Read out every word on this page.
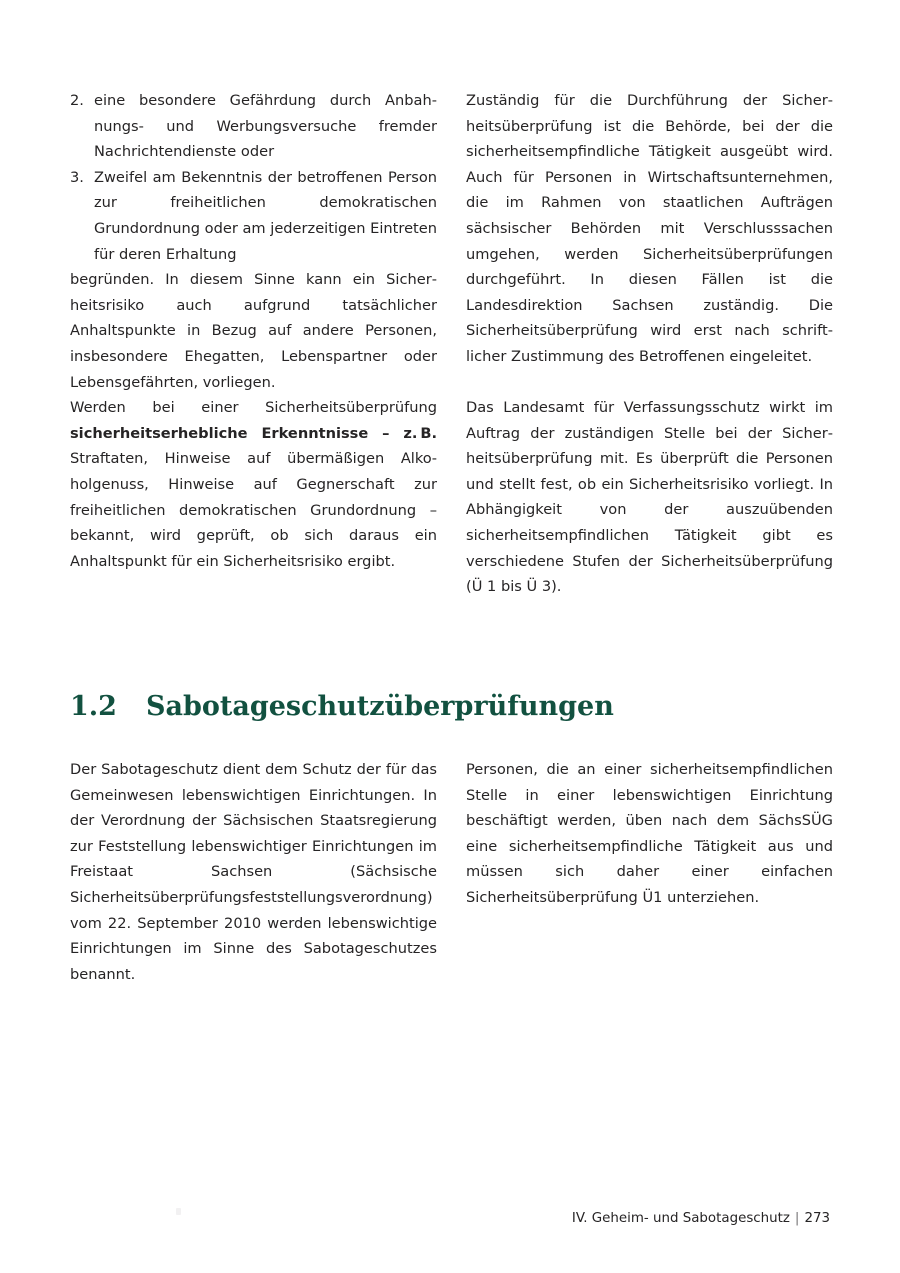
2. eine besondere Gefährdung durch Anbahnungs- und Werbungsversuche fremder Nachrichtendienste oder
3. Zweifel am Bekenntnis der betroffenen Person zur freiheitlichen demokratischen Grundordnung oder am jederzeitigen Eintreten für deren Erhaltung

begründen. In diesem Sinne kann ein Sicherheitsrisiko auch aufgrund tatsächlicher Anhaltspunkte in Bezug auf andere Personen, insbesondere Ehegatten, Lebenspartner oder Lebensgefährten, vorliegen.

Werden bei einer Sicherheitsüberprüfung sicherheitserhebliche Erkenntnisse – z. B. Straftaten, Hinweise auf übermäßigen Alkoholgenuss, Hinweise auf Gegnerschaft zur freiheitlichen demokratischen Grundordnung – bekannt, wird geprüft, ob sich daraus ein Anhaltspunkt für ein Sicherheitsrisiko ergibt.

Zuständig für die Durchführung der Sicherheitsüberprüfung ist die Behörde, bei der die sicherheitsempfindliche Tätigkeit ausgeübt wird. Auch für Personen in Wirtschaftsunternehmen, die im Rahmen von staatlichen Aufträgen sächsischer Behörden mit Verschlusssachen umgehen, werden Sicherheitsüberprüfungen durchgeführt. In diesen Fällen ist die Landesdirektion Sachsen zuständig. Die Sicherheitsüberprüfung wird erst nach schriftlicher Zustimmung des Betroffenen eingeleitet.

Das Landesamt für Verfassungsschutz wirkt im Auftrag der zuständigen Stelle bei der Sicherheitsüberprüfung mit. Es überprüft die Personen und stellt fest, ob ein Sicherheitsrisiko vorliegt. In Abhängigkeit von der auszuübenden sicherheitsempfindlichen Tätigkeit gibt es verschiedene Stufen der Sicherheitsüberprüfung (Ü 1 bis Ü 3).

1.2 Sabotageschutzüberprüfungen

Der Sabotageschutz dient dem Schutz der für das Gemeinwesen lebenswichtigen Einrichtungen. In der Verordnung der Sächsischen Staatsregierung zur Feststellung lebenswichtiger Einrichtungen im Freistaat Sachsen (Sächsische Sicherheitsüberprüfungsfeststellungsverordnung) vom 22. September 2010 werden lebenswichtige Einrichtungen im Sinne des Sabotageschutzes benannt.

Personen, die an einer sicherheitsempfindlichen Stelle in einer lebenswichtigen Einrichtung beschäftigt werden, üben nach dem SächsSÜG eine sicherheitsempfindliche Tätigkeit aus und müssen sich daher einer einfachen Sicherheitsüberprüfung Ü1 unterziehen.

IV. Geheim- und Sabotageschutz | 273
